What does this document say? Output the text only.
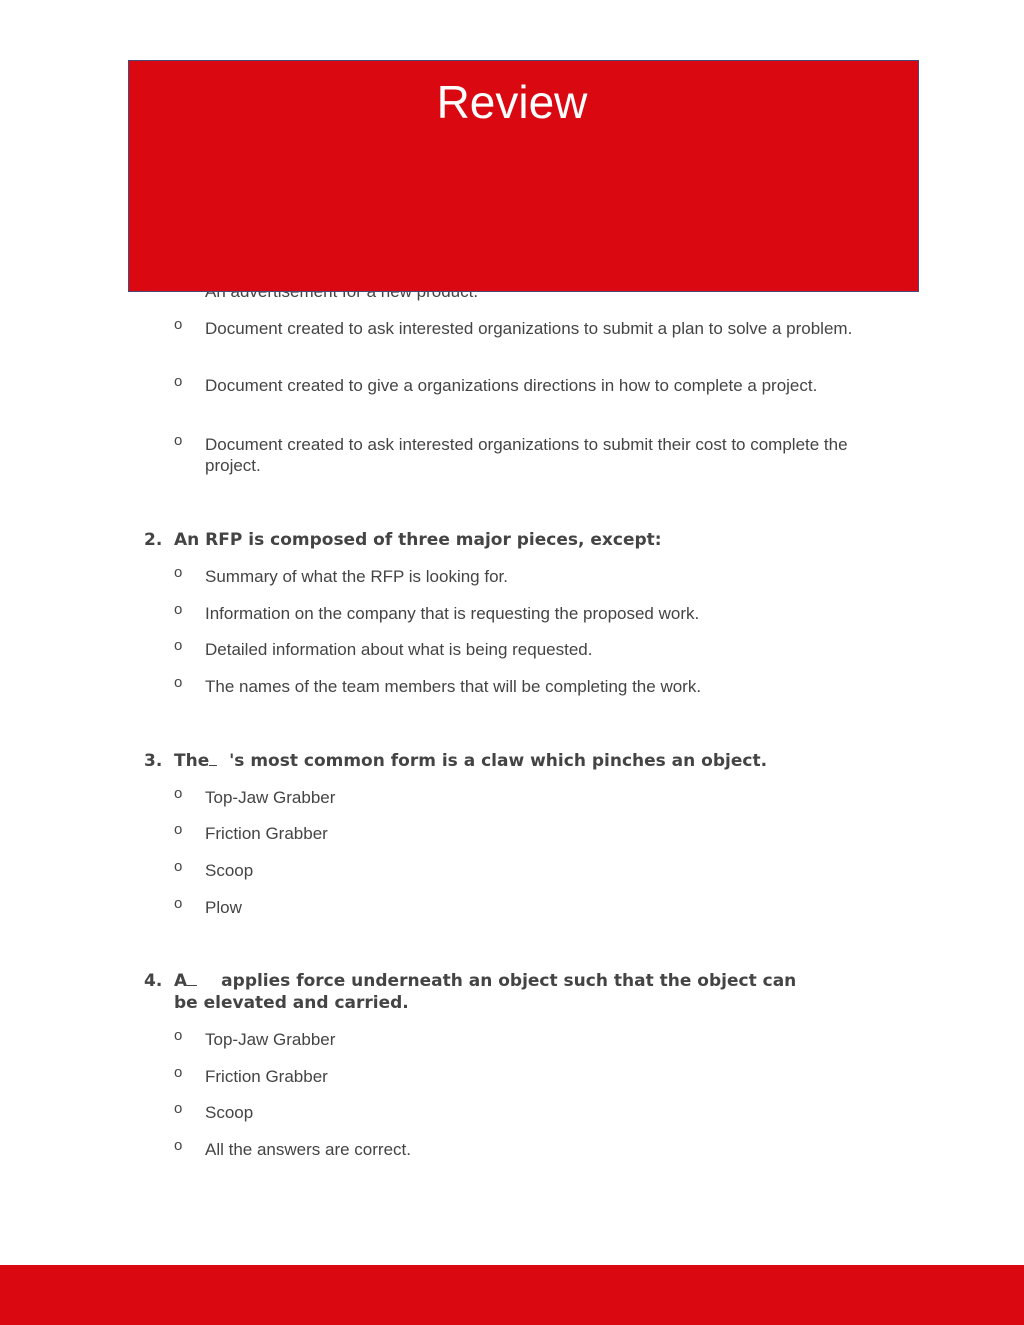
Review
o Document created to ask interested organizations to submit a plan to solve a problem.
o Document created to give a organizations directions in how to complete a project.
o Document created to ask interested organizations to submit their cost to complete the project.
2. An RFP is composed of three major pieces, except:
o Summary of what the RFP is looking for.
o Information on the company that is requesting the proposed work.
o Detailed information about what is being requested.
o The names of the team members that will be completing the work.
3. The 's most common form is a claw which pinches an object.
o Top-Jaw Grabber
o Friction Grabber
o Scoop
o Plow
4. A applies force underneath an object such that the object can be elevated and carried.
o Top-Jaw Grabber
o Friction Grabber
o Scoop
o All the answers are correct.
